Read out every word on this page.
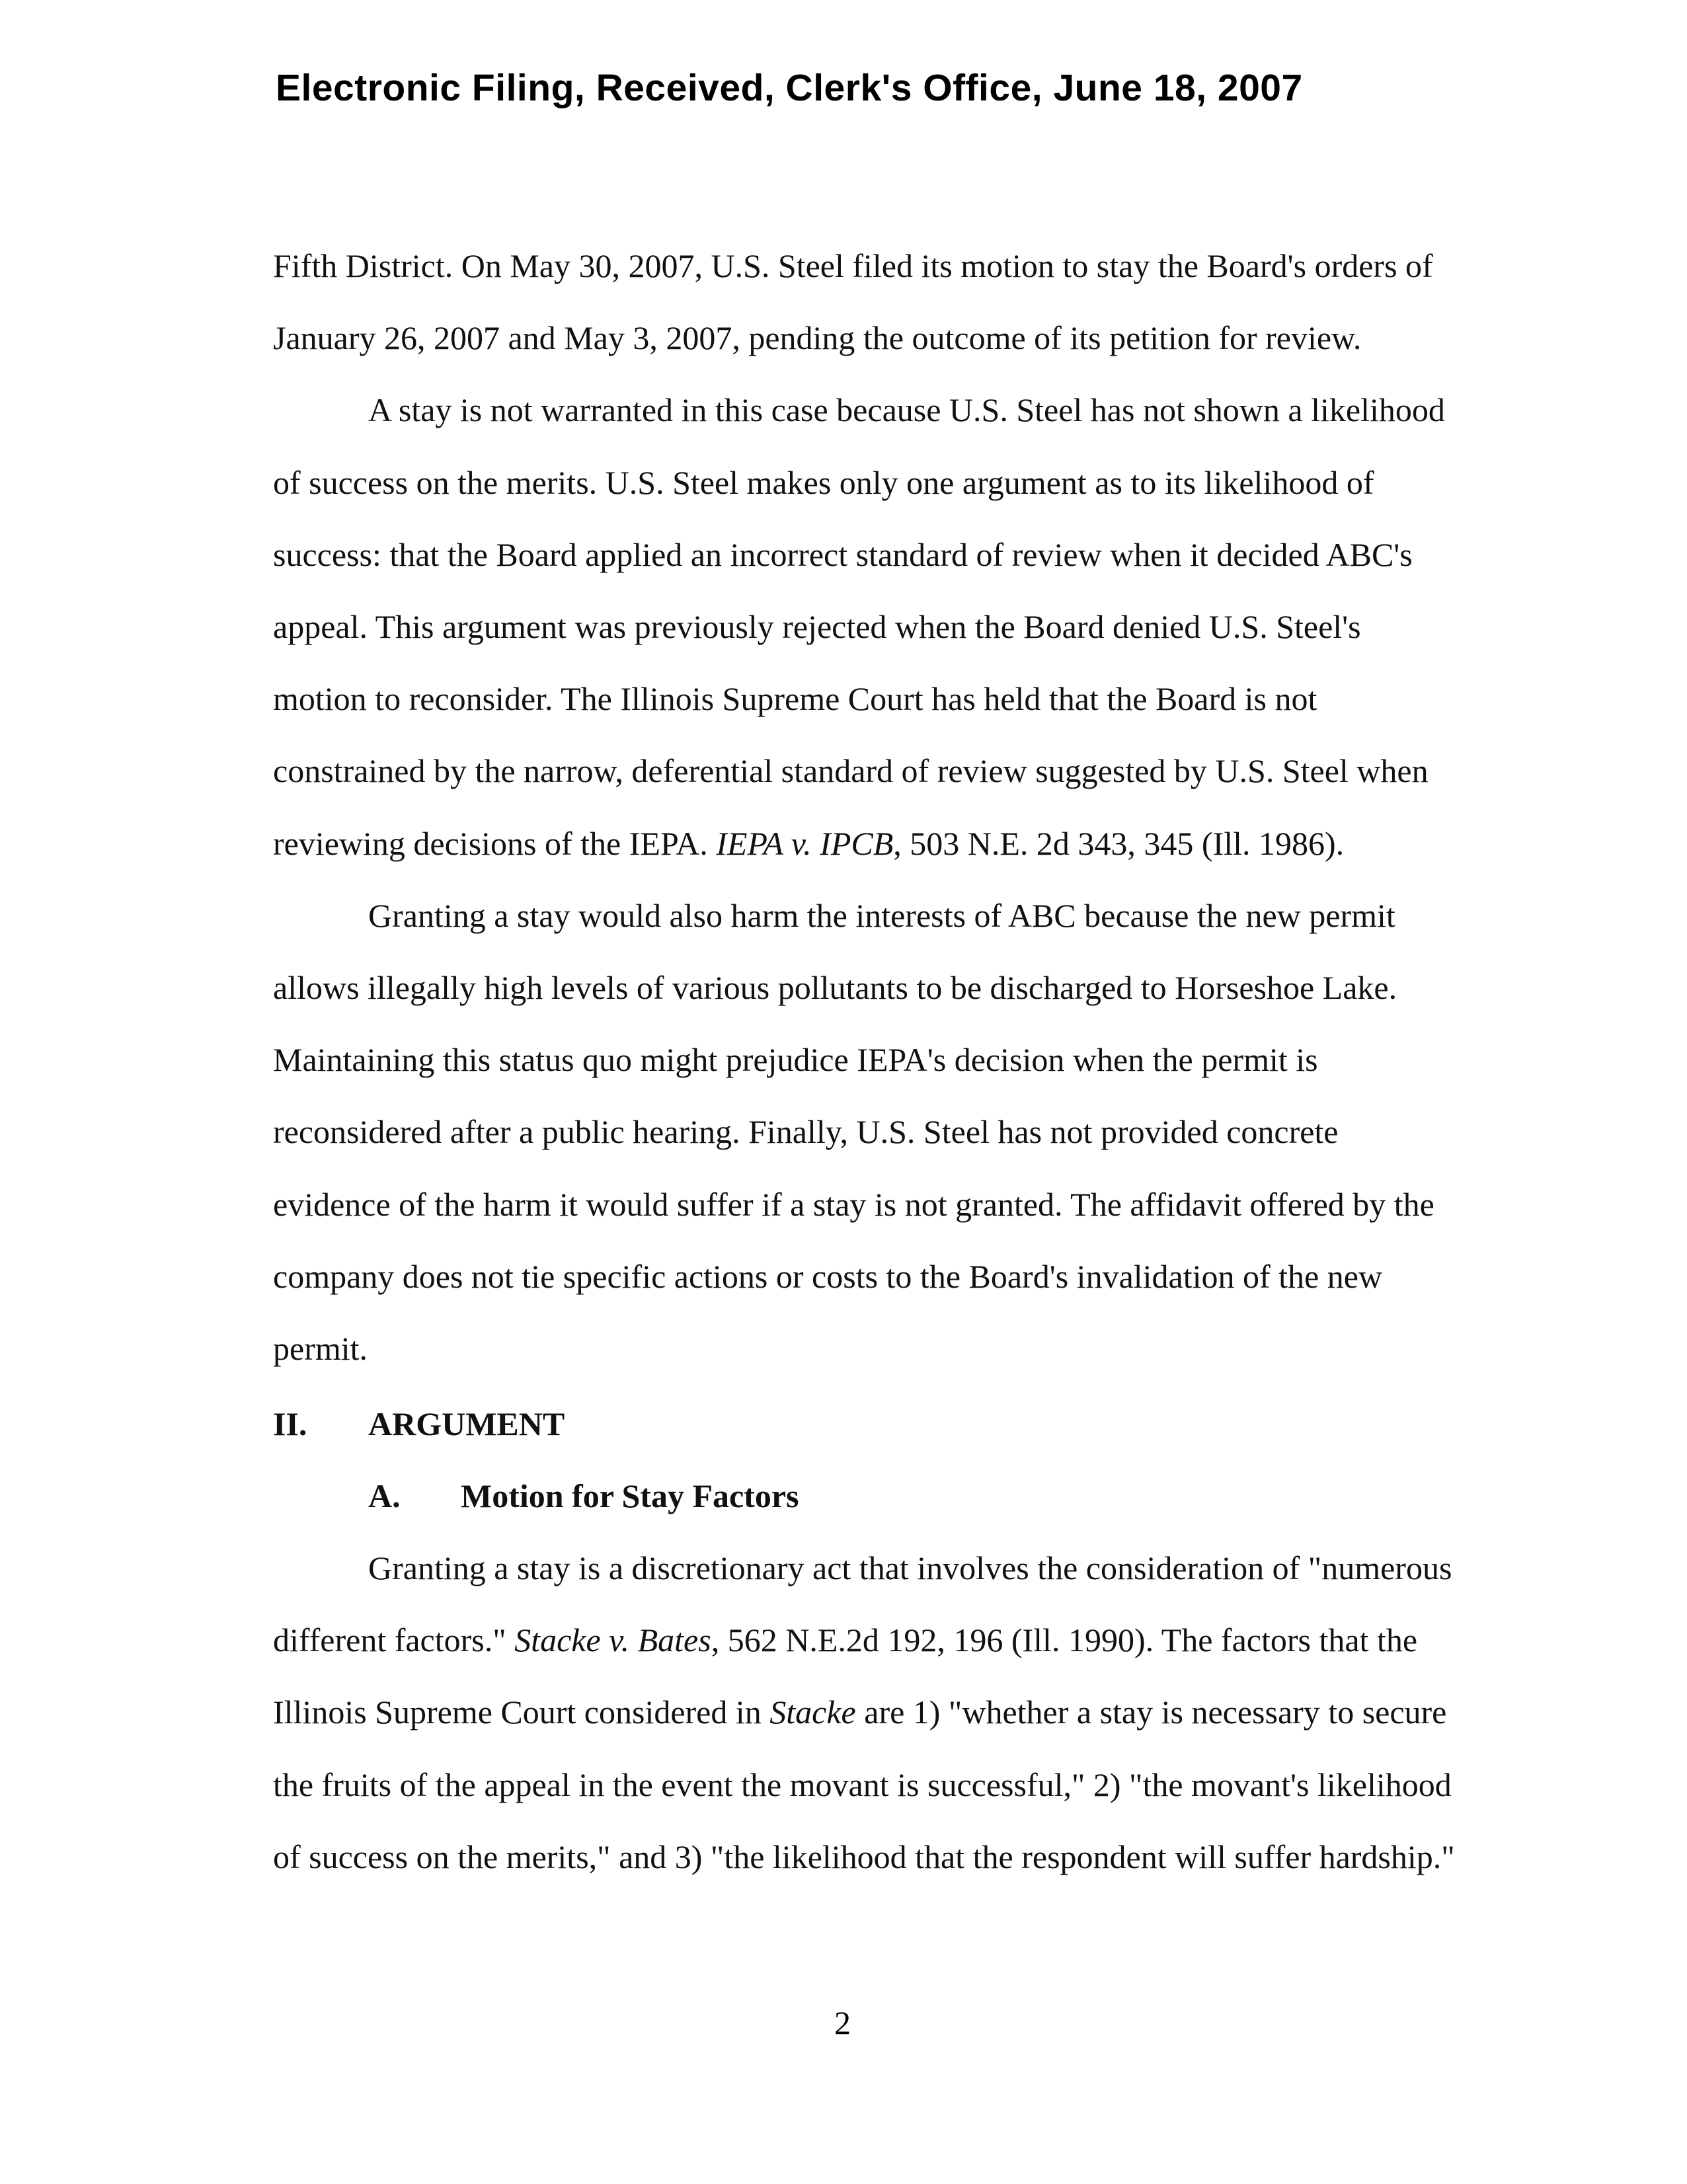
Electronic Filing, Received, Clerk's Office, June 18, 2007
Fifth District. On May 30, 2007, U.S. Steel filed its motion to stay the Board's orders of
January 26, 2007 and May 3, 2007, pending the outcome of its petition for review.
A stay is not warranted in this case because U.S. Steel has not shown a likelihood
of success on the merits. U.S. Steel makes only one argument as to its likelihood of
success: that the Board applied an incorrect standard of review when it decided ABC's
appeal. This argument was previously rejected when the Board denied U.S. Steel's
motion to reconsider. The Illinois Supreme Court has held that the Board is not
constrained by the narrow, deferential standard of review suggested by U.S. Steel when
reviewing decisions of the IEPA. IEPA v. IPCB, 503 N.E. 2d 343, 345 (Ill. 1986).
Granting a stay would also harm the interests of ABC because the new permit
allows illegally high levels of various pollutants to be discharged to Horseshoe Lake.
Maintaining this status quo might prejudice IEPA's decision when the permit is
reconsidered after a public hearing. Finally, U.S. Steel has not provided concrete
evidence of the harm it would suffer if a stay is not granted. The affidavit offered by the
company does not tie specific actions or costs to the Board's invalidation of the new
permit.
II. ARGUMENT
A. Motion for Stay Factors
Granting a stay is a discretionary act that involves the consideration of "numerous
different factors." Stacke v. Bates, 562 N.E.2d 192, 196 (Ill. 1990). The factors that the
Illinois Supreme Court considered in Stacke are 1) "whether a stay is necessary to secure
the fruits of the appeal in the event the movant is successful," 2) "the movant's likelihood
of success on the merits," and 3) "the likelihood that the respondent will suffer hardship."
2
